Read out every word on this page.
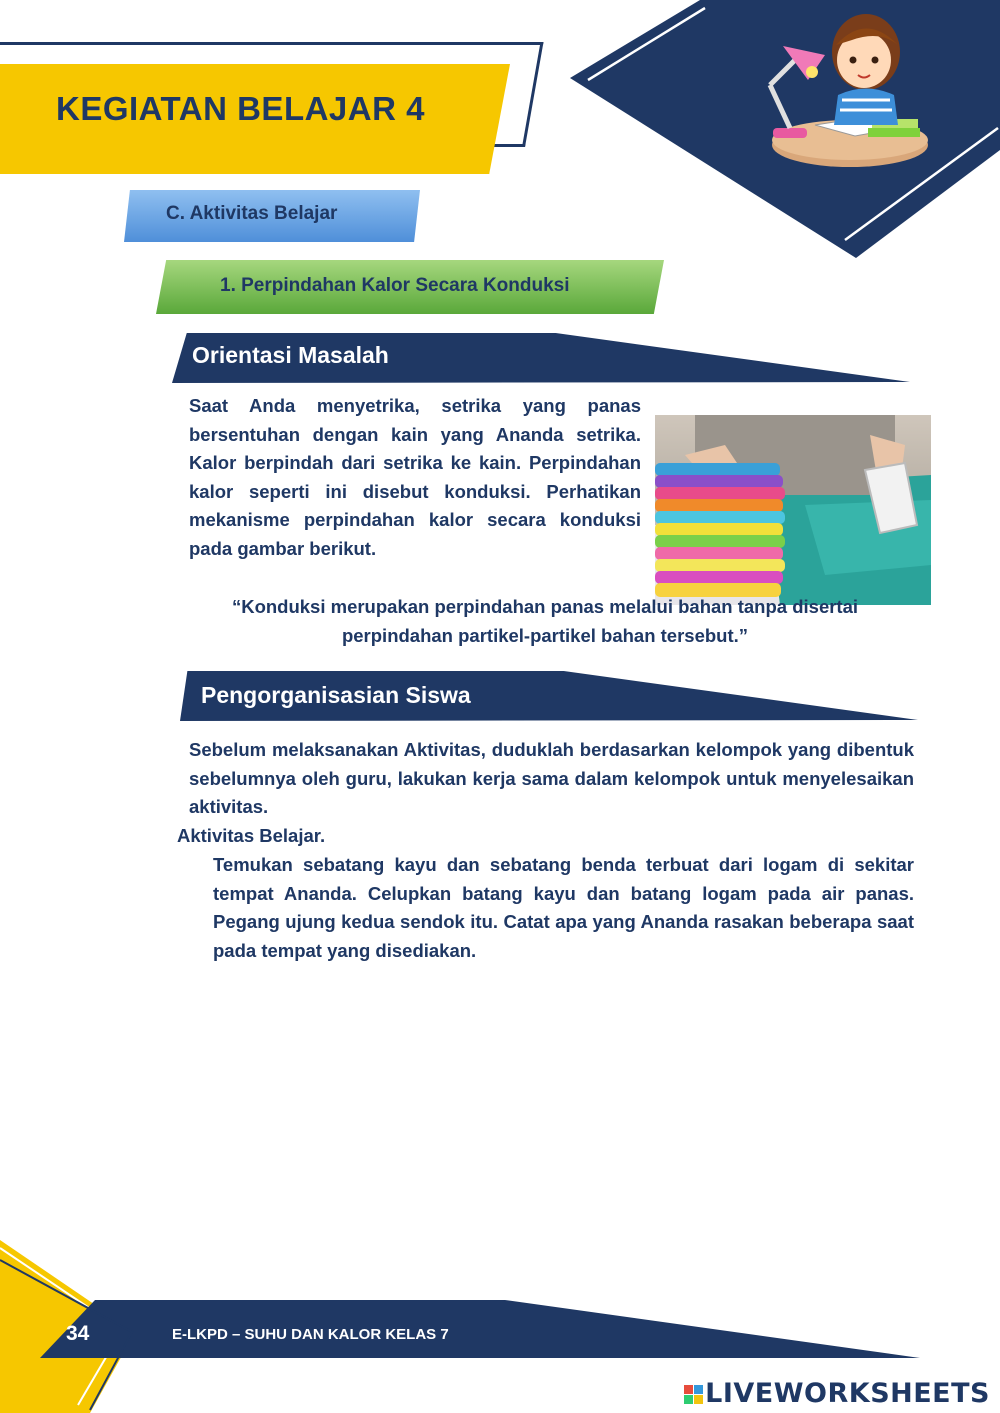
KEGIATAN BELAJAR 4
C. Aktivitas Belajar
1. Perpindahan Kalor Secara Konduksi
Orientasi Masalah
Saat Anda menyetrika, setrika yang panas bersentuhan dengan kain yang Ananda setrika. Kalor berpindah dari setrika ke kain. Perpindahan kalor seperti ini disebut konduksi. Perhatikan mekanisme perpindahan kalor secara konduksi pada gambar berikut.
“Konduksi merupakan perpindahan panas melalui bahan tanpa disertai
perpindahan partikel-partikel bahan tersebut.”
Pengorganisasian Siswa
Sebelum melaksanakan Aktivitas, duduklah berdasarkan kelompok yang dibentuk sebelumnya oleh guru, lakukan kerja sama dalam kelompok untuk menyelesaikan aktivitas.
Aktivitas Belajar.
Temukan sebatang kayu dan sebatang benda terbuat dari logam di sekitar tempat Ananda. Celupkan batang kayu dan batang logam pada air panas. Pegang ujung kedua sendok itu. Catat apa yang Ananda rasakan beberapa saat pada tempat yang disediakan.
34	E-LKPD – SUHU DAN KALOR KELAS 7
LIVEWORKSHEETS
